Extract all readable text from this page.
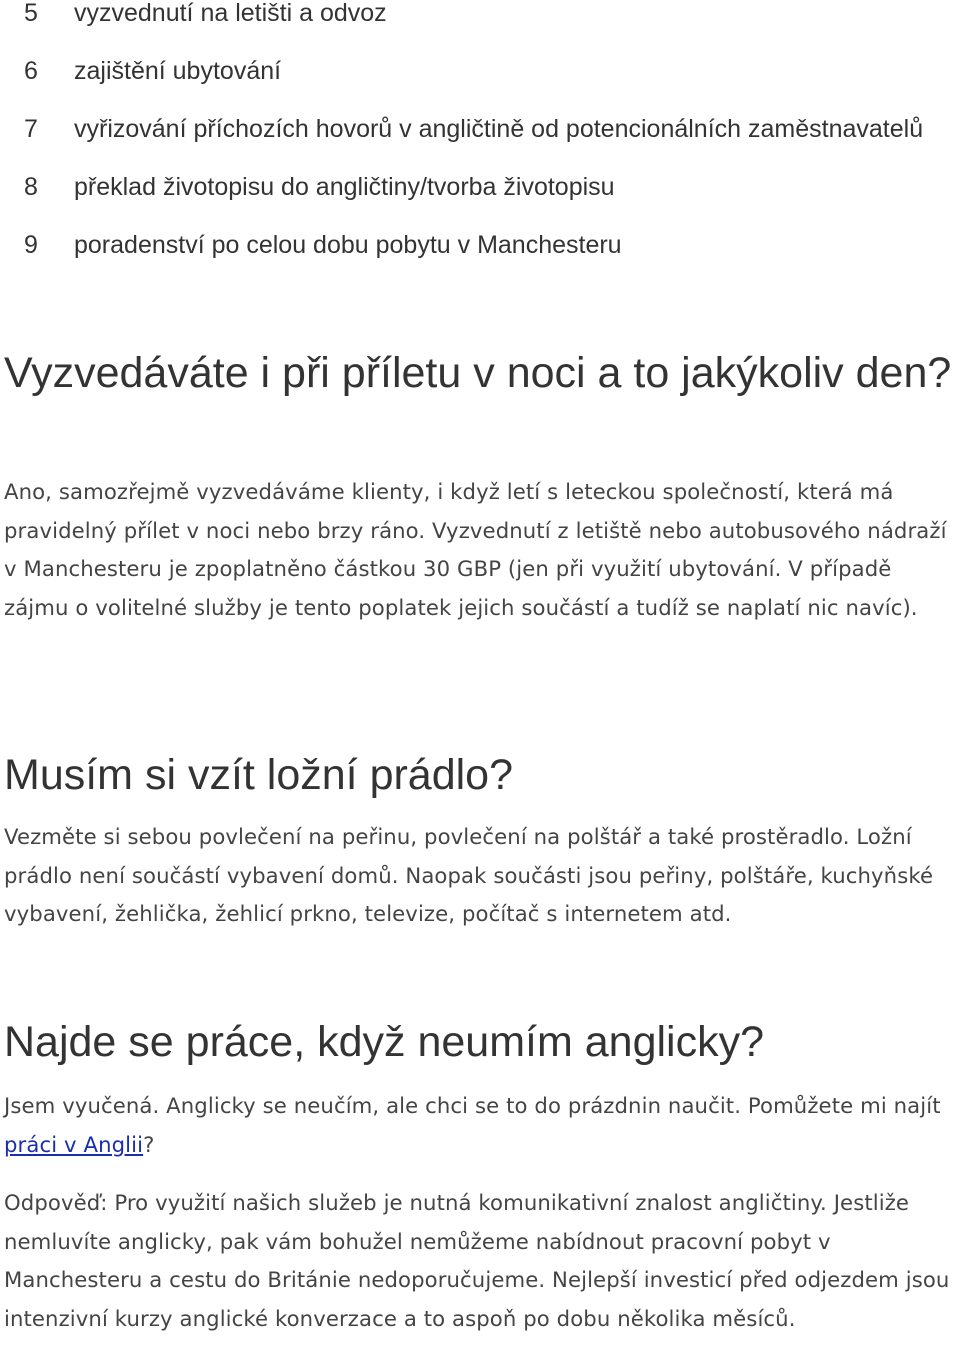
5 vyzvednutí na letišti a odvoz
6 zajištění ubytování
7 vyřizování příchozích hovorů v angličtině od potencionálních zaměstnavatelů
8 překlad životopisu do angličtiny/tvorba životopisu
9 poradenství po celou dobu pobytu v Manchesteru
Vyzvedáváte i při příletu v noci a to jakýkoliv den?

Ano, samozřejmě vyzvedáváme klienty, i když letí s leteckou společností, která má pravidelný přílet v noci nebo brzy ráno. Vyzvednutí z letiště nebo autobusového nádraží v Manchesteru je zpoplatněno částkou 30 GBP (jen při využití ubytování. V případě zájmu o volitelné služby je tento poplatek jejich součástí a tudíž se naplatí nic navíc).

Musím si vzít ložní prádlo?

Vezměte si sebou povlečení na peřinu, povlečení na polštář a také prostěradlo. Ložní prádlo není součástí vybavení domů. Naopak součásti jsou peřiny, polštáře, kuchyňské vybavení, žehlička, žehlicí prkno, televize, počítač s internetem atd.

Najde se práce, když neumím anglicky?

Jsem vyučená. Anglicky se neučím, ale chci se to do prázdnin naučit. Pomůžete mi najít práci v Anglii?

Odpověď: Pro využití našich služeb je nutná komunikativní znalost angličtiny. Jestliže nemluvíte anglicky, pak vám bohužel nemůžeme nabídnout pracovní pobyt v Manchesteru a cestu do Británie nedoporučujeme. Nejlepší investicí před odjezdem jsou intenzivní kurzy anglické konverzace a to aspoň po dobu několika měsíců.
